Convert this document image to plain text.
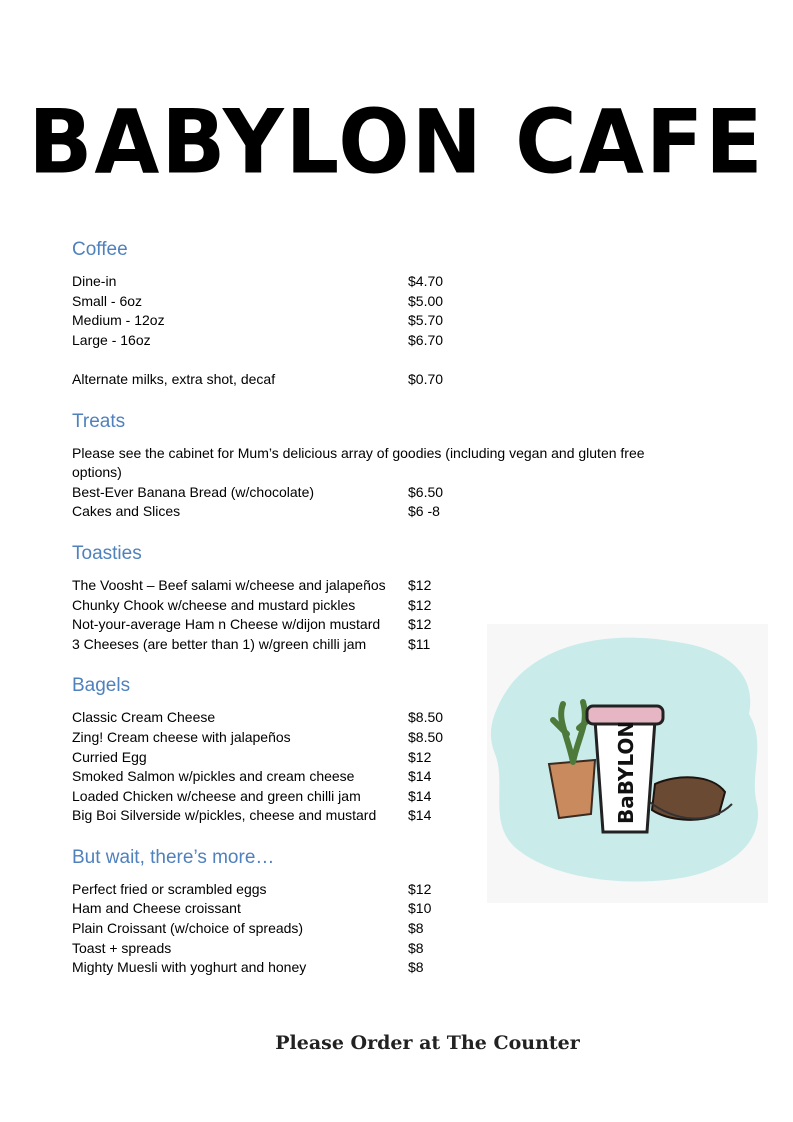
BABYLON CAFE
Coffee
Dine-in	$4.70
Small - 6oz	$5.00
Medium - 12oz	$5.70
Large - 16oz	$6.70
Alternate milks, extra shot, decaf	$0.70
Treats
Please see the cabinet for Mum’s delicious array of goodies (including vegan and gluten free options)
Best-Ever Banana Bread (w/chocolate)	$6.50
Cakes and Slices	$6 -8
Toasties
The Voosht – Beef salami w/cheese and jalapeños	$12
Chunky Chook w/cheese and mustard pickles	$12
Not-your-average Ham n Cheese w/dijon mustard	$12
3 Cheeses (are better than 1) w/green chilli jam	$11
Bagels
Classic Cream Cheese	$8.50
Zing! Cream cheese with jalapeños	$8.50
Curried Egg	$12
Smoked Salmon w/pickles and cream cheese	$14
Loaded Chicken w/cheese and green chilli jam	$14
Big Boi Silverside w/pickles, cheese and mustard	$14
But wait, there’s more…
Perfect fried or scrambled eggs	$12
Ham and Cheese croissant	$10
Plain Croissant (w/choice of spreads)	$8
Toast + spreads	$8
Mighty Muesli with yoghurt and honey	$8
BaBYLON
Please Order at The Counter
